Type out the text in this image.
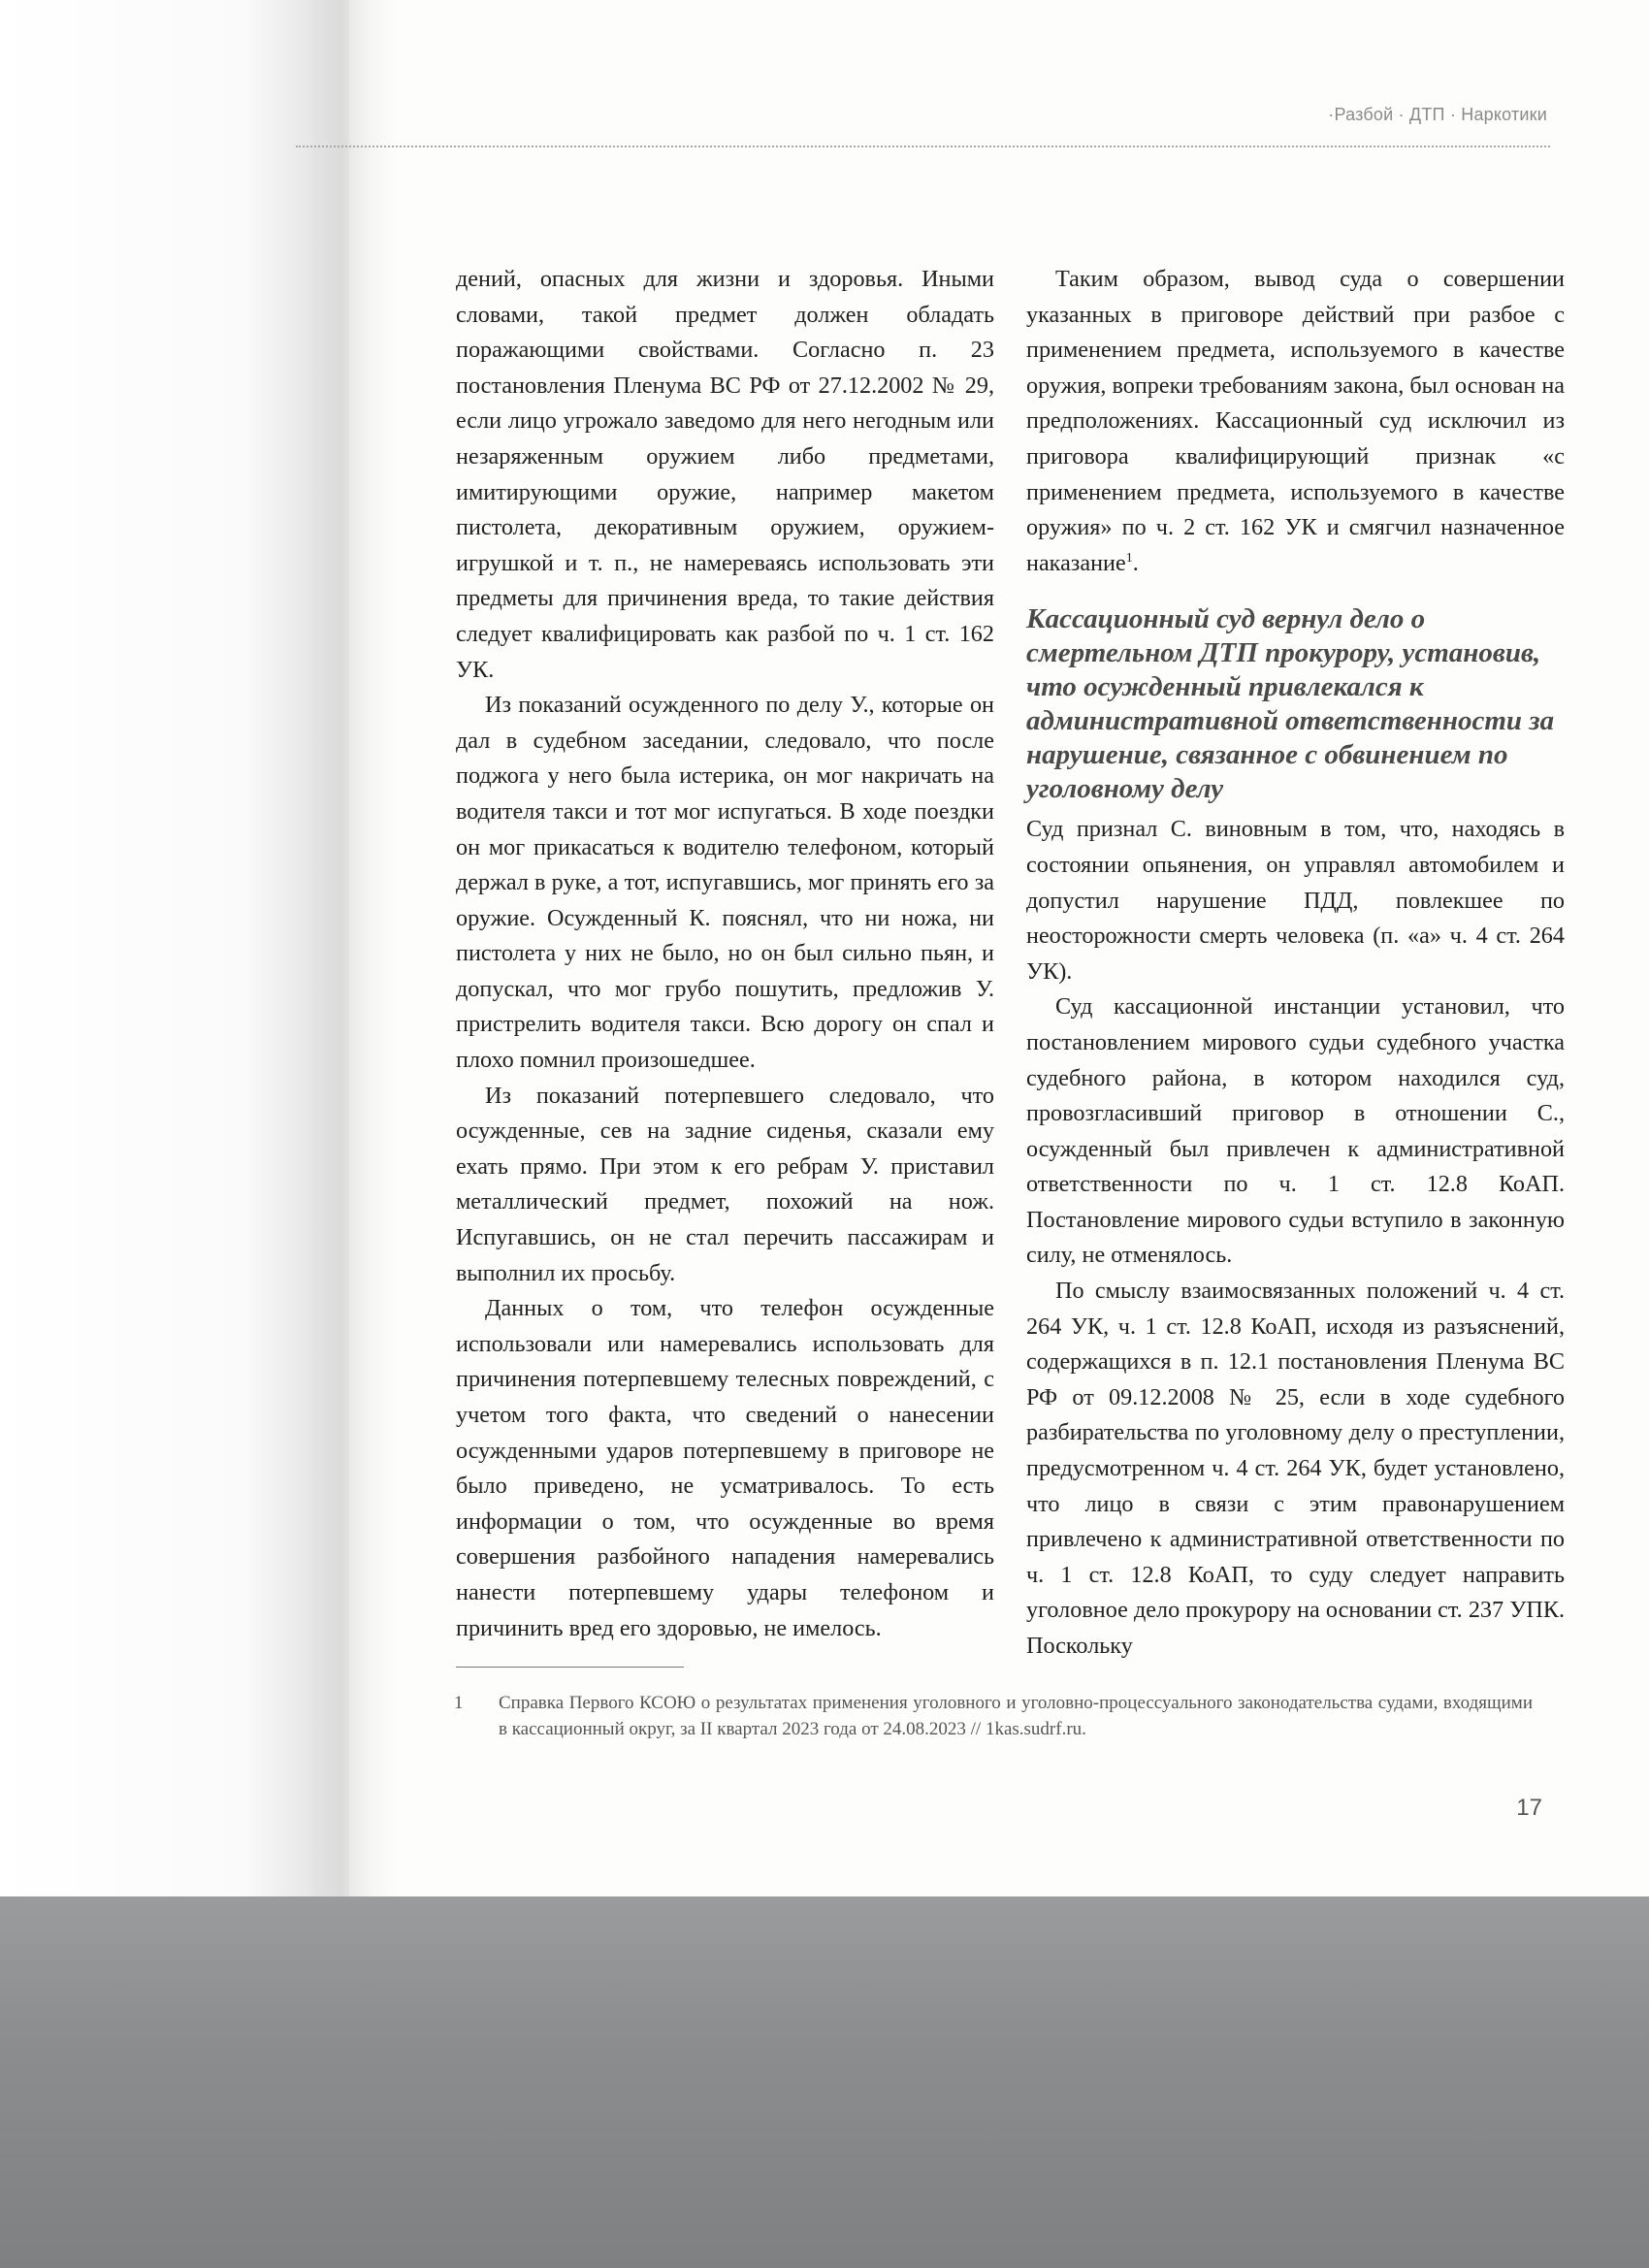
·Разбой · ДТП · Наркотики

дений, опасных для жизни и здоровья. Иными словами, такой предмет должен обладать поражающими свойствами. Согласно п. 23 постановления Пленума ВС РФ от 27.12.2002 № 29, если лицо угрожало заведомо для него негодным или незаряженным оружием либо предметами, имитирующими оружие, например макетом пистолета, декоративным оружием, оружием-игрушкой и т. п., не намереваясь использовать эти предметы для причинения вреда, то такие действия следует квалифицировать как разбой по ч. 1 ст. 162 УК.

Из показаний осужденного по делу У., которые он дал в судебном заседании, следовало, что после поджога у него была истерика, он мог накричать на водителя такси и тот мог испугаться. В ходе поездки он мог прикасаться к водителю телефоном, который держал в руке, а тот, испугавшись, мог принять его за оружие. Осужденный К. пояснял, что ни ножа, ни пистолета у них не было, но он был сильно пьян, и допускал, что мог грубо пошутить, предложив У. пристрелить водителя такси. Всю дорогу он спал и плохо помнил произошедшее.

Из показаний потерпевшего следовало, что осужденные, сев на задние сиденья, сказали ему ехать прямо. При этом к его ребрам У. приставил металлический предмет, похожий на нож. Испугавшись, он не стал перечить пассажирам и выполнил их просьбу.

Данных о том, что телефон осужденные использовали или намеревались использовать для причинения потерпевшему телесных повреждений, с учетом того факта, что сведений о нанесении осужденными ударов потерпевшему в приговоре не было приведено, не усматривалось. То есть информации о том, что осужденные во время совершения разбойного нападения намеревались нанести потерпевшему удары телефоном и причинить вред его здоровью, не имелось.

Таким образом, вывод суда о совершении указанных в приговоре действий при разбое с применением предмета, используемого в качестве оружия, вопреки требованиям закона, был основан на предположениях. Кассационный суд исключил из приговора квалифицирующий признак «с применением предмета, используемого в качестве оружия» по ч. 2 ст. 162 УК и смягчил назначенное наказание$^1$.

Кассационный суд вернул дело о смертельном ДТП прокурору, установив, что осужденный привлекался к административной ответственности за нарушение, связанное с обвинением по уголовному делу

Суд признал С. виновным в том, что, находясь в состоянии опьянения, он управлял автомобилем и допустил нарушение ПДД, повлекшее по неосторожности смерть человека (п. «а» ч. 4 ст. 264 УК).

Суд кассационной инстанции установил, что постановлением мирового судьи судебного участка судебного района, в котором находился суд, провозгласивший приговор в отношении С., осужденный был привлечен к административной ответственности по ч. 1 ст. 12.8 КоАП. Постановление мирового судьи вступило в законную силу, не отменялось.

По смыслу взаимосвязанных положений ч. 4 ст. 264 УК, ч. 1 ст. 12.8 КоАП, исходя из разъяснений, содержащихся в п. 12.1 постановления Пленума ВС РФ от 09.12.2008 № 25, если в ходе судебного разбирательства по уголовному делу о преступлении, предусмотренном ч. 4 ст. 264 УК, будет установлено, что лицо в связи с этим правонарушением привлечено к административной ответственности по ч. 1 ст. 12.8 КоАП, то суду следует направить уголовное дело прокурору на основании ст. 237 УПК. Поскольку

1	Справка Первого КСОЮ о результатах применения уголовного и уголовно-процессуального законодательства судами, входящими в кассационный округ, за II квартал 2023 года от 24.08.2023 // 1kas.sudrf.ru.
17
